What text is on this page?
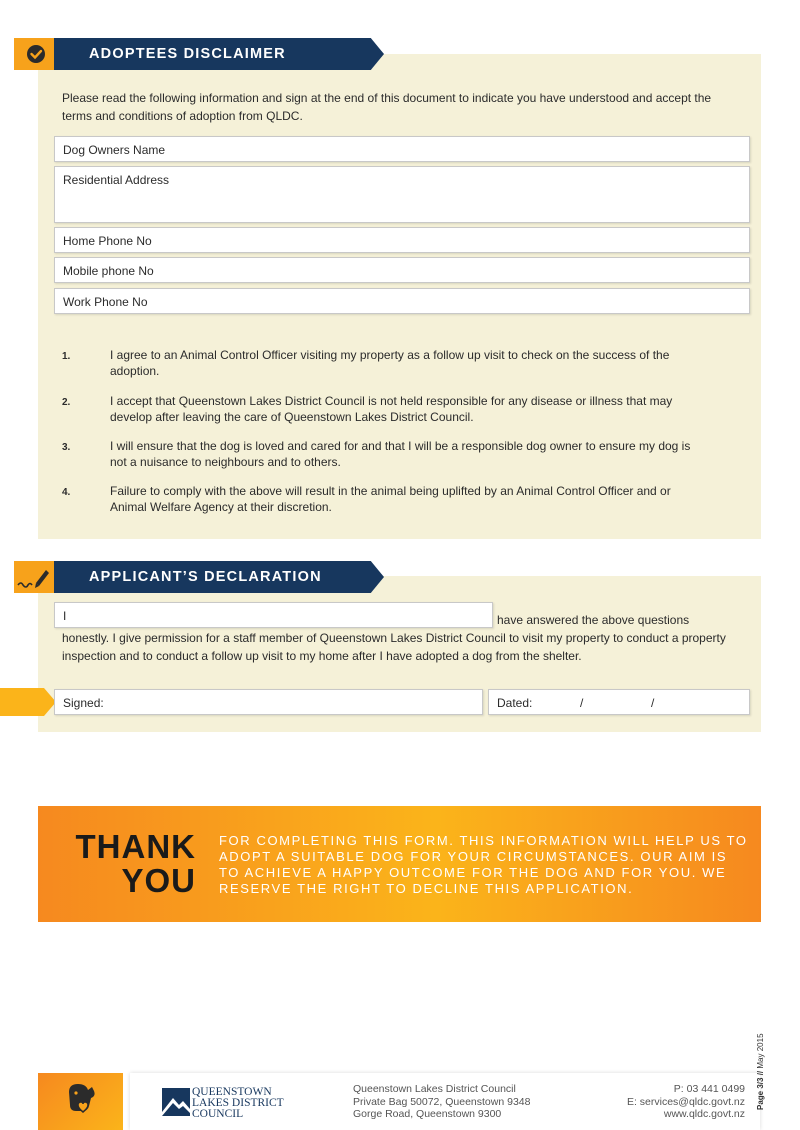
ADOPTEES DISCLAIMER
Please read the following information and sign at the end of this document to indicate you have understood and accept the terms and conditions of adoption from QLDC.
Dog Owners Name
Residential Address
Home Phone No
Mobile phone No
Work Phone No
1.	I agree to an Animal Control Officer visiting my property as a follow up visit to check on the success of the adoption.
2.	I accept that Queenstown Lakes District Council is not held responsible for any disease or illness that may develop after leaving the care of Queenstown Lakes District Council.
3.	I will ensure that the dog is loved and cared for and that I will be a responsible dog owner to ensure my dog is not a nuisance to neighbours and to others.
4.	Failure to comply with the above will result in the animal being uplifted by an Animal Control Officer and or Animal Welfare Agency at their discretion.
APPLICANT’S DECLARATION
I	have answered the above questions
honestly. I give permission for a staff member of Queenstown Lakes District Council to visit my property to conduct a property inspection and to conduct a follow up visit to my home after I have adopted a dog from the shelter.
Signed:	Dated:	/	/
THANK
YOU
FOR COMPLETING THIS FORM. THIS INFORMATION WILL HELP US TO ADOPT A SUITABLE DOG FOR YOUR CIRCUMSTANCES. OUR AIM IS TO ACHIEVE A HAPPY OUTCOME FOR THE DOG AND FOR YOU. WE RESERVE THE RIGHT TO DECLINE THIS APPLICATION.
QUEENSTOWN
LAKES DISTRICT
COUNCIL
Queenstown Lakes District Council
Private Bag 50072, Queenstown 9348
Gorge Road, Queenstown 9300
P: 03 441 0499
E: services@qldc.govt.nz
www.qldc.govt.nz
Page 3/3 // May 2015
